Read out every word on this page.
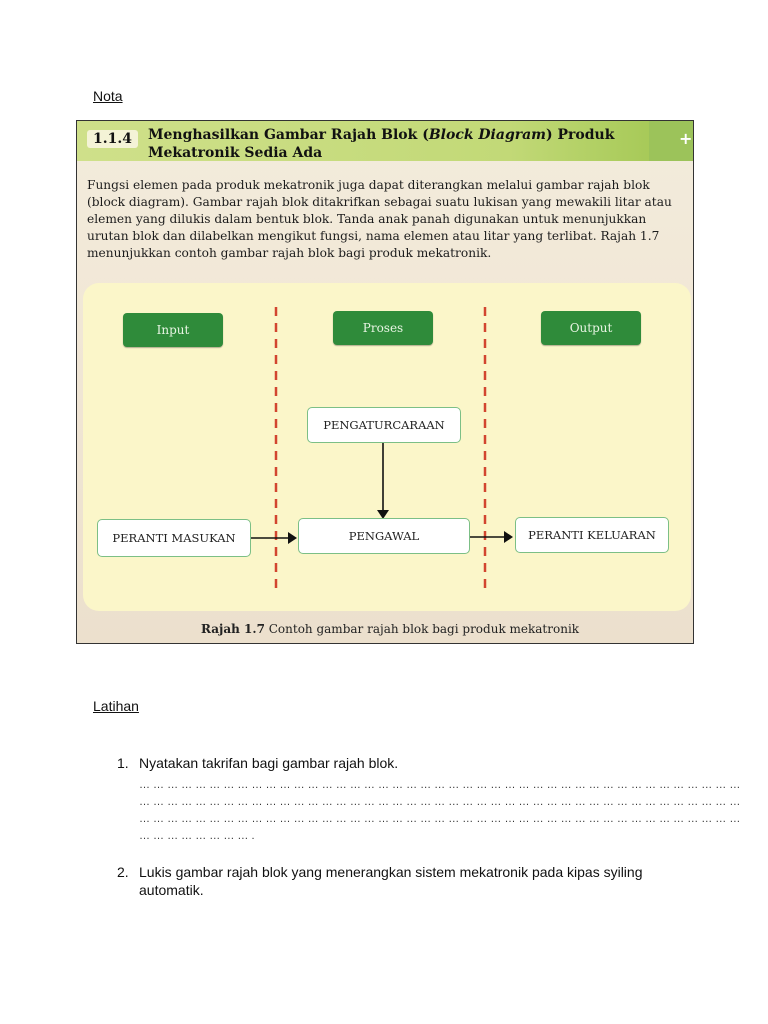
Nota
+
1.1.4	Menghasilkan Gambar Rajah Blok (Block Diagram) Produk Mekatronik Sedia Ada
Fungsi elemen pada produk mekatronik juga dapat diterangkan melalui gambar rajah blok (block diagram). Gambar rajah blok ditakrifkan sebagai suatu lukisan yang mewakili litar atau elemen yang dilukis dalam bentuk blok. Tanda anak panah digunakan untuk menunjukkan urutan blok dan dilabelkan mengikut fungsi, nama elemen atau litar yang terlibat. Rajah 1.7 menunjukkan contoh gambar rajah blok bagi produk mekatronik.
Input	Proses	Output
PENGATURCARAAN
PERANTI MASUKAN	PENGAWAL	PERANTI KELUARAN
Rajah 1.7 Contoh gambar rajah blok bagi produk mekatronik
Latihan
1. Nyatakan takrifan bagi gambar rajah blok.
… … … … … … … … … … … … … … … … … … … … … … … … … … … … … … … … … … … … … … … … … … …
… … … … … … … … … … … … … … … … … … … … … … … … … … … … … … … … … … … … … … … … … … …
… … … … … … … … … … … … … … … … … … … … … … … … … … … … … … … … … … … … … … … … … … …
… … … … … … … … .
2. Lukis gambar rajah blok yang menerangkan sistem mekatronik pada kipas syiling automatik.
